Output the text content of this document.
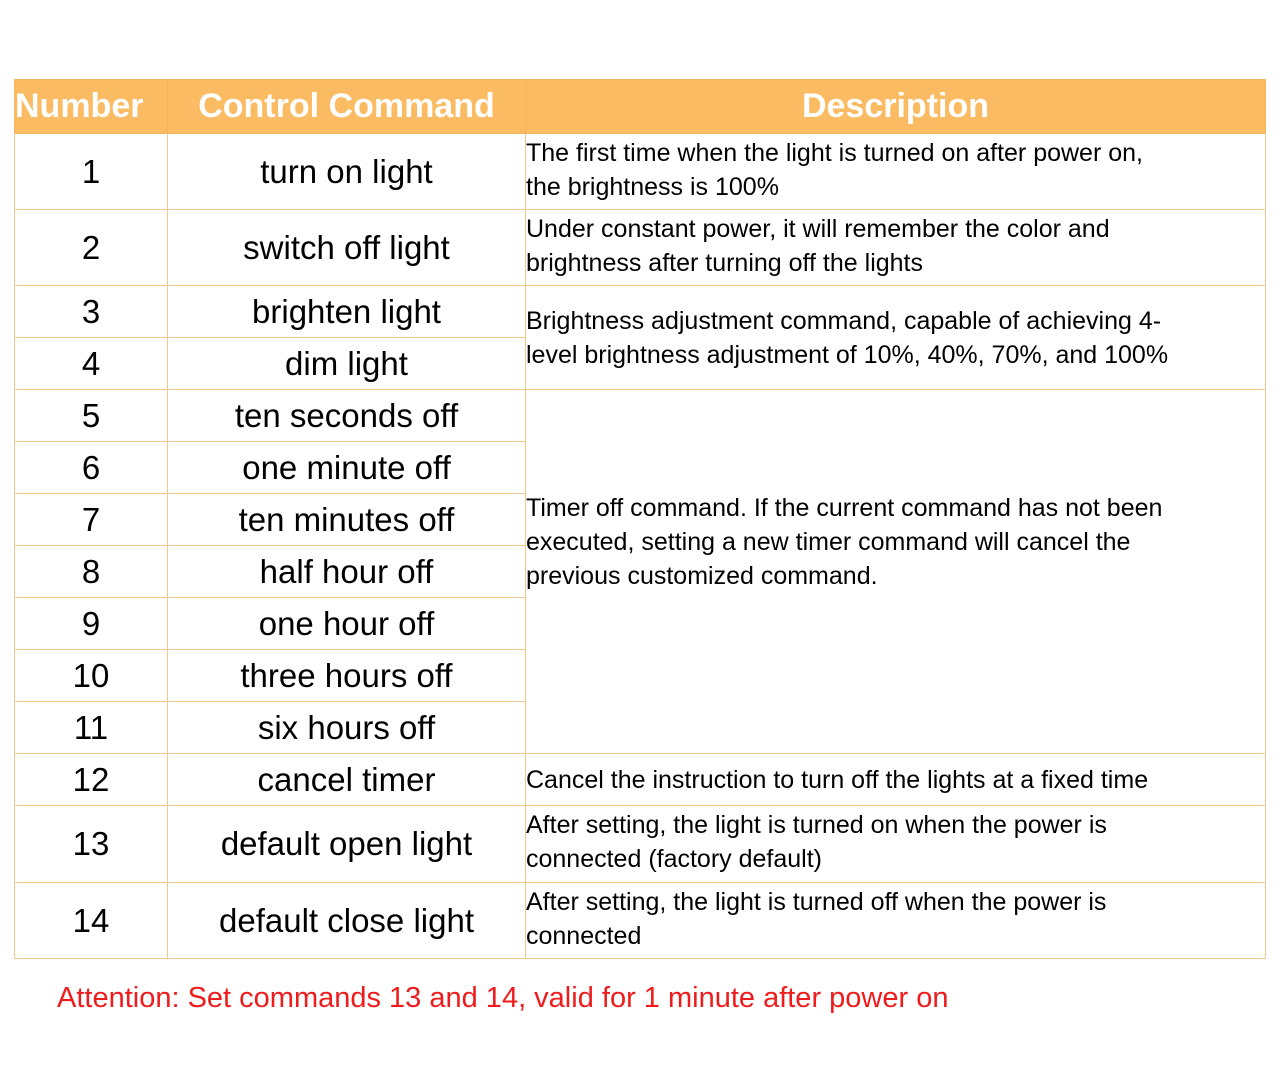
Number	Control Command	Description
1	turn on light	The first time when the light is turned on after power on,
the brightness is 100%

2	switch off light	Under constant power, it will remember the color and
brightness after turning off the lights

3	brighten light	Brightness adjustment command, capable of achieving 4-
level brightness adjustment of 10%, 40%, 70%, and 100%

4	dim light	
5	ten seconds off	Timer off command. If the current command has not been
executed, setting a new timer command will cancel the
previous customized command.

6	one minute off	
7	ten minutes off	
8	half hour off	
9	one hour off	
10	three hours off	
11	six hours off	
12	cancel timer	Cancel the instruction to turn off the lights at a fixed time

13	default open light	After setting, the light is turned on when the power is
connected (factory default)

14	default close light	After setting, the light is turned off when the power is
connected
Attention: Set commands 13 and 14, valid for 1 minute after power on
